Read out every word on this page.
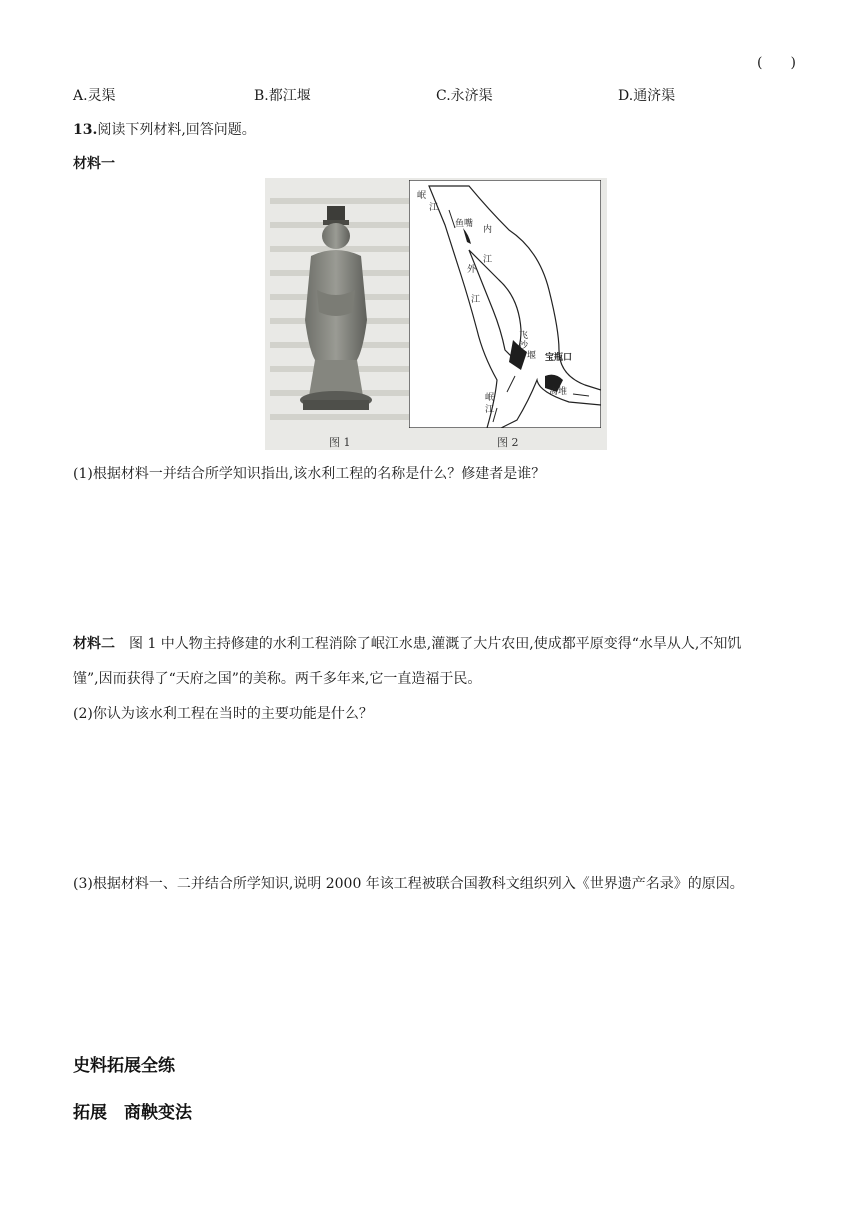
(　　)
A.灵渠	B.都江堰	C.永济渠	D.通济渠
13.阅读下列材料,回答问题。
材料一
图 1
岷
江
鱼嘴
内
江
外
江
飞
沙
堰 宝瓶口
离堆
岷
江
图 2
(1)根据材料一并结合所学知识指出,该水利工程的名称是什么？修建者是谁？
材料二 图 1 中人物主持修建的水利工程消除了岷江水患,灌溉了大片农田,使成都平原变得“水旱从人,不知饥
馑”,因而获得了“天府之国”的美称。两千多年来,它一直造福于民。
(2)你认为该水利工程在当时的主要功能是什么？
(3)根据材料一、二并结合所学知识,说明 2000 年该工程被联合国教科文组织列入《世界遗产名录》的原因。
史料拓展全练
拓展　商鞅变法
